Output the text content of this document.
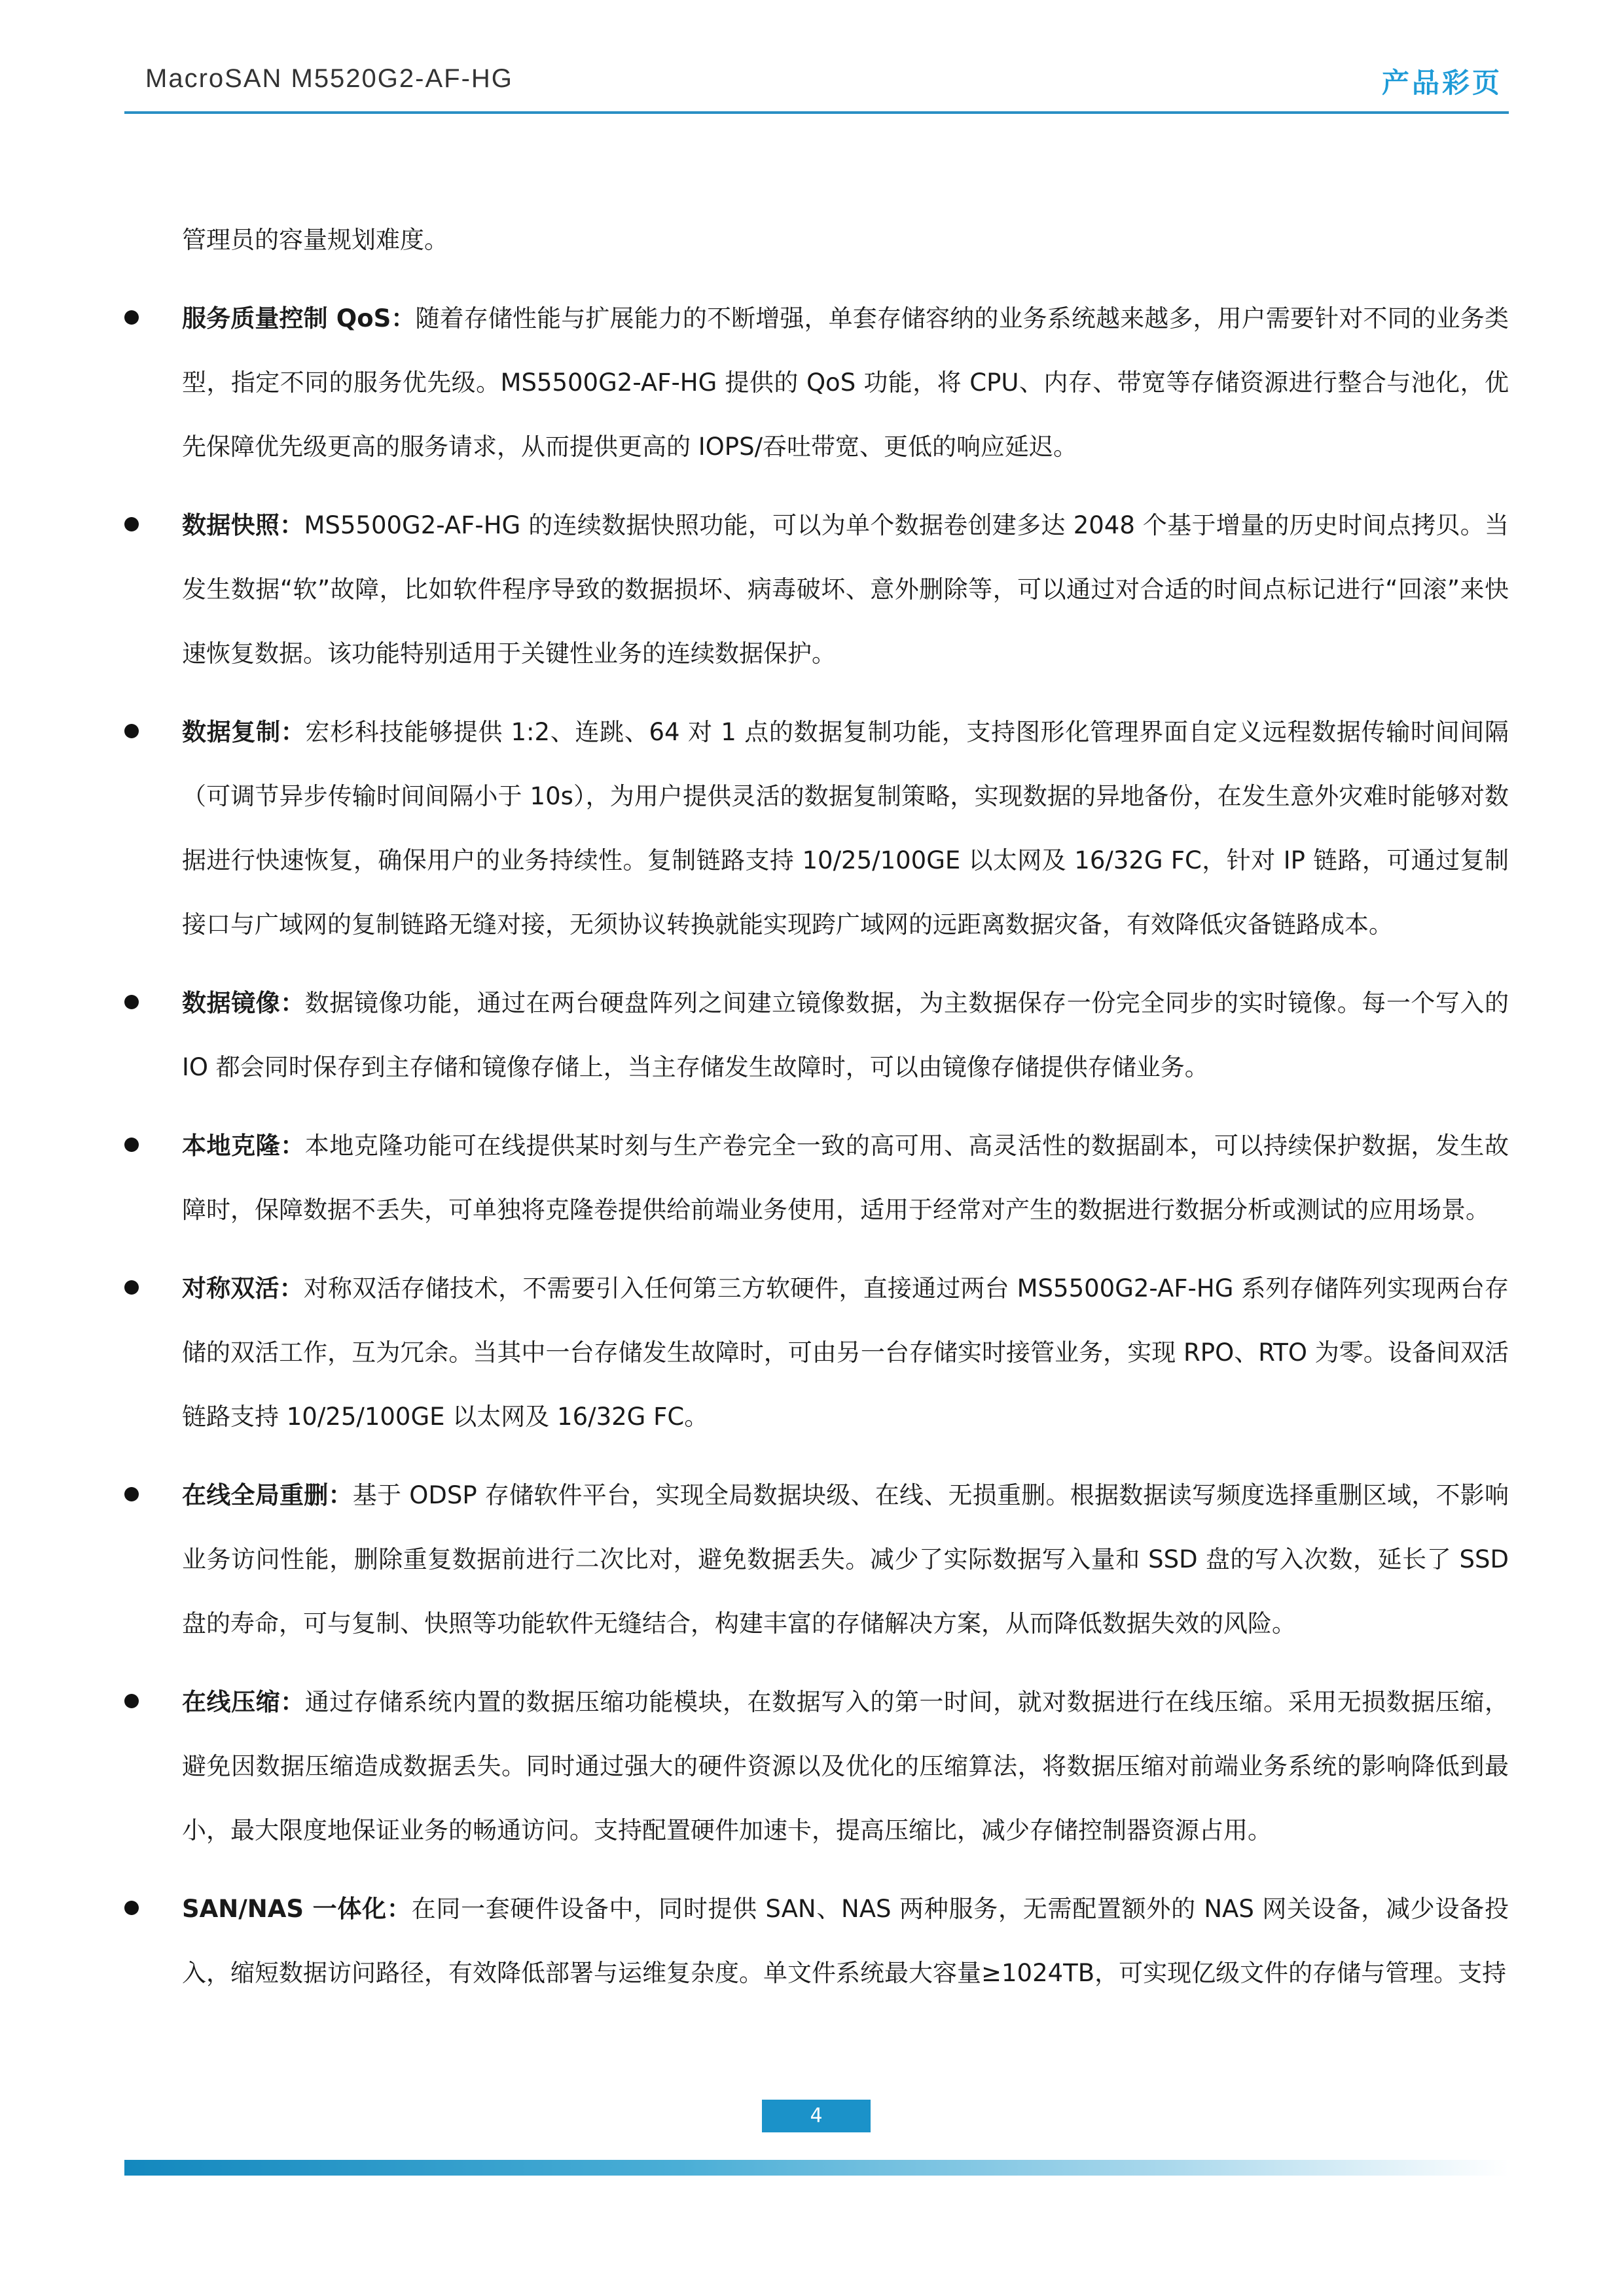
MacroSAN M5520G2-AF-HG	产品彩页

管理员的容量规划难度。

服务质量控制 QoS：随着存储性能与扩展能力的不断增强，单套存储容纳的业务系统越来越多，用户需要针对不同的业务类型，指定不同的服务优先级。MS5500G2-AF-HG 提供的 QoS 功能，将 CPU、内存、带宽等存储资源进行整合与池化，优先保障优先级更高的服务请求，从而提供更高的 IOPS/吞吐带宽、更低的响应延迟。

数据快照：MS5500G2-AF-HG 的连续数据快照功能，可以为单个数据卷创建多达 2048 个基于增量的历史时间点拷贝。当发生数据“软”故障，比如软件程序导致的数据损坏、病毒破坏、意外删除等，可以通过对合适的时间点标记进行“回滚”来快速恢复数据。该功能特别适用于关键性业务的连续数据保护。

数据复制：宏杉科技能够提供 1:2、连跳、64 对 1 点的数据复制功能，支持图形化管理界面自定义远程数据传输时间间隔（可调节异步传输时间间隔小于 10s），为用户提供灵活的数据复制策略，实现数据的异地备份，在发生意外灾难时能够对数据进行快速恢复，确保用户的业务持续性。复制链路支持 10/25/100GE 以太网及 16/32G FC，针对 IP 链路，可通过复制接口与广域网的复制链路无缝对接，无须协议转换就能实现跨广域网的远距离数据灾备，有效降低灾备链路成本。

数据镜像：数据镜像功能，通过在两台硬盘阵列之间建立镜像数据，为主数据保存一份完全同步的实时镜像。每一个写入的 IO 都会同时保存到主存储和镜像存储上，当主存储发生故障时，可以由镜像存储提供存储业务。

本地克隆：本地克隆功能可在线提供某时刻与生产卷完全一致的高可用、高灵活性的数据副本，可以持续保护数据，发生故障时，保障数据不丢失，可单独将克隆卷提供给前端业务使用，适用于经常对产生的数据进行数据分析或测试的应用场景。

对称双活：对称双活存储技术，不需要引入任何第三方软硬件，直接通过两台 MS5500G2-AF-HG 系列存储阵列实现两台存储的双活工作，互为冗余。当其中一台存储发生故障时，可由另一台存储实时接管业务，实现 RPO、RTO 为零。设备间双活链路支持 10/25/100GE 以太网及 16/32G FC。

在线全局重删：基于 ODSP 存储软件平台，实现全局数据块级、在线、无损重删。根据数据读写频度选择重删区域，不影响业务访问性能，删除重复数据前进行二次比对，避免数据丢失。减少了实际数据写入量和 SSD 盘的写入次数，延长了 SSD 盘的寿命，可与复制、快照等功能软件无缝结合，构建丰富的存储解决方案，从而降低数据失效的风险。

在线压缩：通过存储系统内置的数据压缩功能模块，在数据写入的第一时间，就对数据进行在线压缩。采用无损数据压缩，避免因数据压缩造成数据丢失。同时通过强大的硬件资源以及优化的压缩算法，将数据压缩对前端业务系统的影响降低到最小，最大限度地保证业务的畅通访问。支持配置硬件加速卡，提高压缩比，减少存储控制器资源占用。

SAN/NAS 一体化：在同一套硬件设备中，同时提供 SAN、NAS 两种服务，无需配置额外的 NAS 网关设备，减少设备投入，缩短数据访问路径，有效降低部署与运维复杂度。单文件系统最大容量≥1024TB，可实现亿级文件的存储与管理。支持

4
